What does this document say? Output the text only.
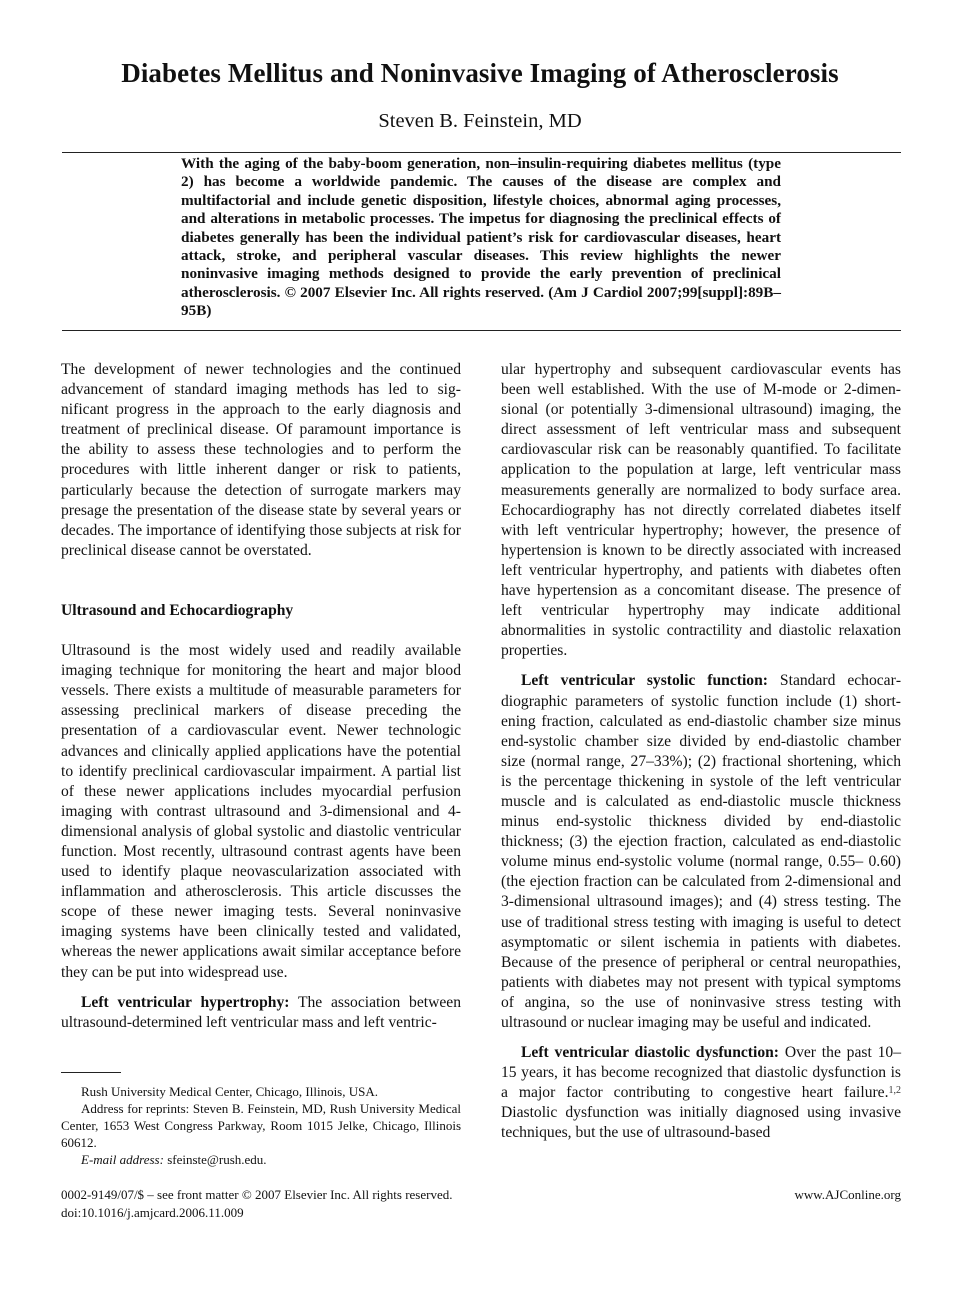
Diabetes Mellitus and Noninvasive Imaging of Atherosclerosis
Steven B. Feinstein, MD
With the aging of the baby-boom generation, non–insulin-requiring diabetes mellitus (type 2) has become a worldwide pandemic. The causes of the disease are complex and multifactorial and include genetic disposition, lifestyle choices, abnormal aging processes, and alterations in metabolic processes. The impetus for diagnosing the preclinical effects of diabetes generally has been the individual patient’s risk for cardiovascular diseases, heart attack, stroke, and peripheral vascular diseases. This review highlights the newer noninvasive imaging methods designed to provide the early prevention of preclinical atherosclerosis. © 2007 Elsevier Inc. All rights reserved. (Am J Cardiol 2007;99[suppl]:89B–95B)

The development of newer technologies and the continued advancement of standard imaging methods has led to significant progress in the approach to the early diagnosis and treatment of preclinical disease. Of paramount importance is the ability to assess these technologies and to perform the procedures with little inherent danger or risk to patients, particularly because the detection of surrogate markers may presage the presentation of the disease state by several years or decades. The importance of identifying those subjects at risk for preclinical disease cannot be overstated.

Ultrasound and Echocardiography

Ultrasound is the most widely used and readily available imaging technique for monitoring the heart and major blood vessels. There exists a multitude of measurable parameters for assessing preclinical markers of disease preceding the presentation of a cardiovascular event. Newer technologic advances and clinically applied applications have the potential to identify preclinical cardiovascular impairment. A partial list of these newer applications includes myocardial perfusion imaging with contrast ultrasound and 3-dimensional and 4-dimensional analysis of global systolic and diastolic ventricular function. Most recently, ultrasound contrast agents have been used to identify plaque neovascularization associated with inflammation and atherosclerosis. This article discusses the scope of these newer imaging tests. Several noninvasive imaging systems have been clinically tested and validated, whereas the newer applications await similar acceptance before they can be put into widespread use.

Left ventricular hypertrophy: The association between ultrasound-determined left ventricular mass and left ventric-

ular hypertrophy and subsequent cardiovascular events has been well established. With the use of M-mode or 2-dimensional (or potentially 3-dimensional ultrasound) imaging, the direct assessment of left ventricular mass and subsequent cardiovascular risk can be reasonably quantified. To facilitate application to the population at large, left ventricular mass measurements generally are normalized to body surface area. Echocardiography has not directly correlated diabetes itself with left ventricular hypertrophy; however, the presence of hypertension is known to be directly associated with increased left ventricular hypertrophy, and patients with diabetes often have hypertension as a concomitant disease. The presence of left ventricular hypertrophy may indicate additional abnormalities in systolic contractility and diastolic relaxation properties.

Left ventricular systolic function: Standard echocardiographic parameters of systolic function include (1) shortening fraction, calculated as end-diastolic chamber size minus end-systolic chamber size divided by end-diastolic chamber size (normal range, 27–33%); (2) fractional shortening, which is the percentage thickening in systole of the left ventricular muscle and is calculated as end-diastolic muscle thickness minus end-systolic thickness divided by end-diastolic thickness; (3) the ejection fraction, calculated as end-diastolic volume minus end-systolic volume (normal range, 0.55– 0.60) (the ejection fraction can be calculated from 2-dimensional and 3-dimensional ultrasound images); and (4) stress testing. The use of traditional stress testing with imaging is useful to detect asymptomatic or silent ischemia in patients with diabetes. Because of the presence of peripheral or central neuropathies, patients with diabetes may not present with typical symptoms of angina, so the use of noninvasive stress testing with ultrasound or nuclear imaging may be useful and indicated.

Left ventricular diastolic dysfunction: Over the past 10–15 years, it has become recognized that diastolic dysfunction is a major factor contributing to congestive heart failure.$^{1,2}$ Diastolic dysfunction was initially diagnosed using invasive techniques, but the use of ultrasound-based

Rush University Medical Center, Chicago, Illinois, USA.

Address for reprints: Steven B. Feinstein, MD, Rush University Medical Center, 1653 West Congress Parkway, Room 1015 Jelke, Chicago, Illinois 60612.

E-mail address: sfeinste@rush.edu.

0002-9149/07/$ – see front matter © 2007 Elsevier Inc. All rights reserved.
doi:10.1016/j.amjcard.2006.11.009
www.AJConline.org
